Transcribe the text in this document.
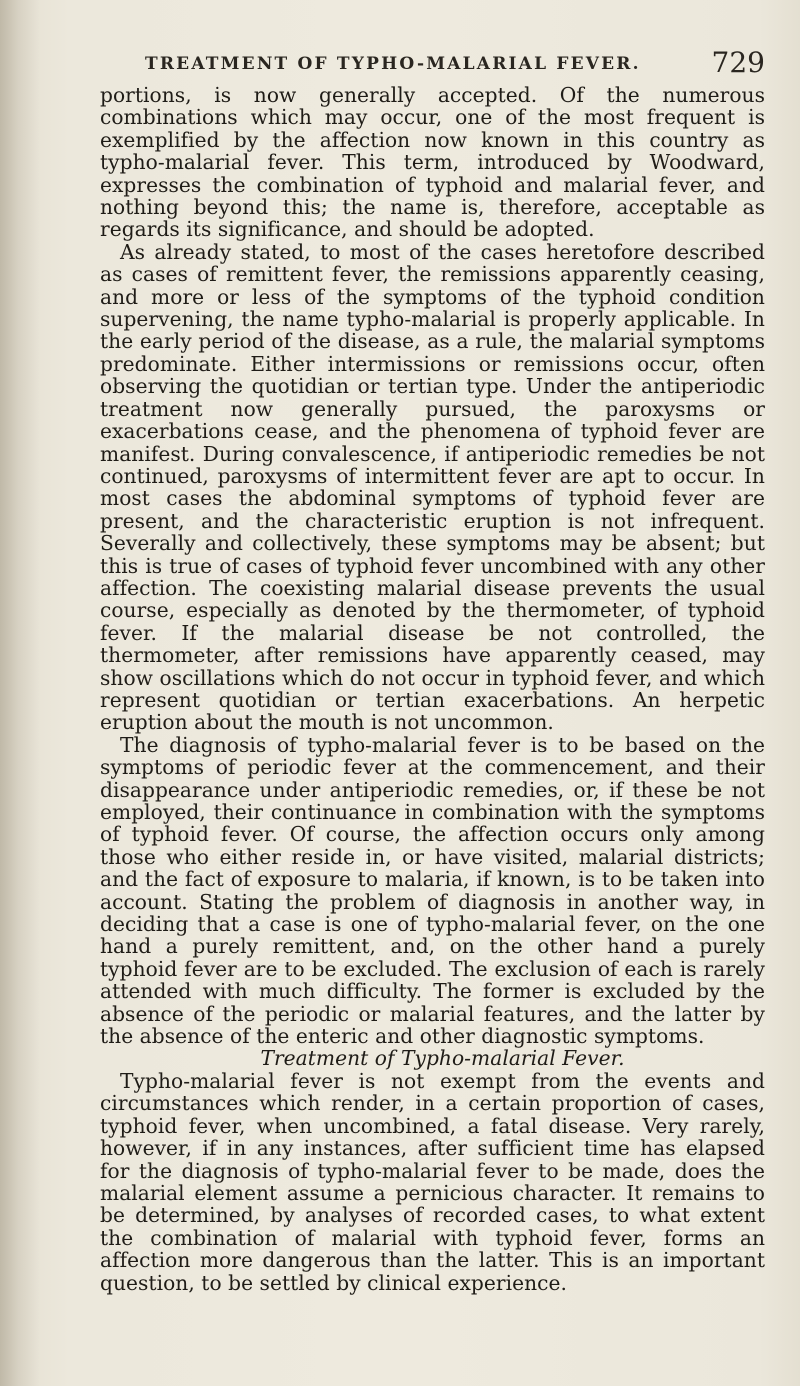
TREATMENT OF TYPHO-MALARIAL FEVER.	729

portions, is now generally accepted. Of the numerous combinations which may occur, one of the most frequent is exemplified by the affection now known in this country as typho-malarial fever. This term, introduced by Woodward, expresses the combination of typhoid and malarial fever, and nothing beyond this; the name is, therefore, acceptable as regards its significance, and should be adopted.

As already stated, to most of the cases heretofore described as cases of remittent fever, the remissions apparently ceasing, and more or less of the symptoms of the typhoid condition supervening, the name typho-malarial is properly applicable. In the early period of the disease, as a rule, the malarial symptoms predominate. Either intermissions or remissions occur, often observing the quotidian or tertian type. Under the antiperiodic treatment now generally pursued, the paroxysms or exacerbations cease, and the phenomena of typhoid fever are manifest. During convalescence, if antiperiodic remedies be not continued, paroxysms of intermittent fever are apt to occur. In most cases the abdominal symptoms of typhoid fever are present, and the characteristic eruption is not infrequent. Severally and collectively, these symptoms may be absent; but this is true of cases of typhoid fever uncombined with any other affection. The coexisting malarial disease prevents the usual course, especially as denoted by the thermometer, of typhoid fever. If the malarial disease be not controlled, the thermometer, after remissions have apparently ceased, may show oscillations which do not occur in typhoid fever, and which represent quotidian or tertian exacerbations. An herpetic eruption about the mouth is not uncommon.

The diagnosis of typho-malarial fever is to be based on the symptoms of periodic fever at the commencement, and their disappearance under antiperiodic remedies, or, if these be not employed, their continuance in combination with the symptoms of typhoid fever. Of course, the affection occurs only among those who either reside in, or have visited, malarial districts; and the fact of exposure to malaria, if known, is to be taken into account. Stating the problem of diagnosis in another way, in deciding that a case is one of typho-malarial fever, on the one hand a purely remittent, and, on the other hand a purely typhoid fever are to be excluded. The exclusion of each is rarely attended with much difficulty. The former is excluded by the absence of the periodic or malarial features, and the latter by the absence of the enteric and other diagnostic symptoms.

Treatment of Typho-malarial Fever.

Typho-malarial fever is not exempt from the events and circumstances which render, in a certain proportion of cases, typhoid fever, when uncombined, a fatal disease. Very rarely, however, if in any instances, after sufficient time has elapsed for the diagnosis of typho-malarial fever to be made, does the malarial element assume a pernicious character. It remains to be determined, by analyses of recorded cases, to what extent the combination of malarial with typhoid fever, forms an affection more dangerous than the latter. This is an important question, to be settled by clinical experience.
